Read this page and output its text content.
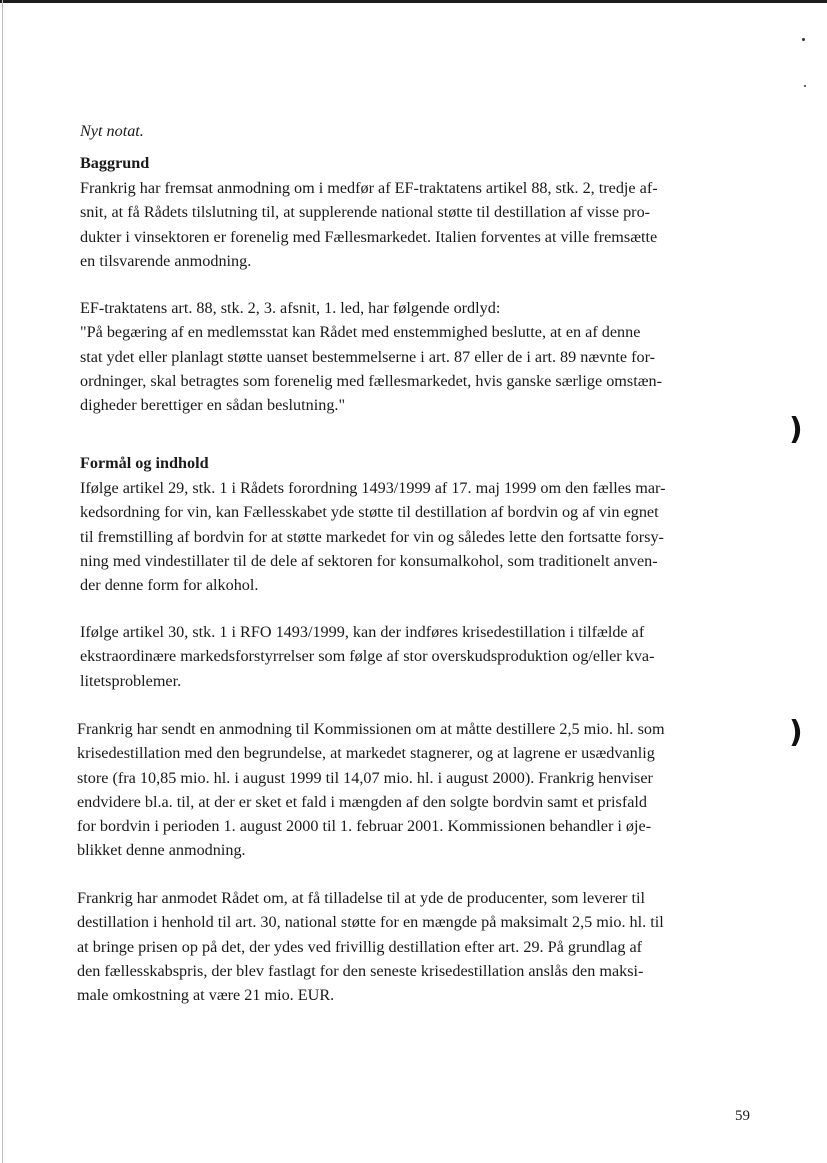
Nyt notat.

Baggrund

Frankrig har fremsat anmodning om i medfør af EF-traktatens artikel 88, stk. 2, tredje af-
snit, at få Rådets tilslutning til, at supplerende national støtte til destillation af visse pro-
dukter i vinsektoren er forenelig med Fællesmarkedet. Italien forventes at ville fremsætte
en tilsvarende anmodning.

EF-traktatens art. 88, stk. 2, 3. afsnit, 1. led, har følgende ordlyd:
"På begæring af en medlemsstat kan Rådet med enstemmighed beslutte, at en af denne
stat ydet eller planlagt støtte uanset bestemmelserne i art. 87 eller de i art. 89 nævnte for-
ordninger, skal betragtes som forenelig med fællesmarkedet, hvis ganske særlige omstæn-
digheder berettiger en sådan beslutning."

Formål og indhold

Ifølge artikel 29, stk. 1 i Rådets forordning 1493/1999 af 17. maj 1999 om den fælles mar-
kedsordning for vin, kan Fællesskabet yde støtte til destillation af bordvin og af vin egnet
til fremstilling af bordvin for at støtte markedet for vin og således lette den fortsatte forsy-
ning med vindestillater til de dele af sektoren for konsumalkohol, som traditionelt anven-
der denne form for alkohol.

Ifølge artikel 30, stk. 1 i RFO 1493/1999, kan der indføres krisedestillation i tilfælde af
ekstraordinære markedsforstyrrelser som følge af stor overskudsproduktion og/eller kva-
litetsproblemer.

Frankrig har sendt en anmodning til Kommissionen om at måtte destillere 2,5 mio. hl. som
krisedestillation med den begrundelse, at markedet stagnerer, og at lagrene er usædvanlig
store (fra 10,85 mio. hl. i august 1999 til 14,07 mio. hl. i august 2000). Frankrig henviser
endvidere bl.a. til, at der er sket et fald i mængden af den solgte bordvin samt et prisfald
for bordvin i perioden 1. august 2000 til 1. februar 2001. Kommissionen behandler i øje-
blikket denne anmodning.

Frankrig har anmodet Rådet om, at få tilladelse til at yde de producenter, som leverer til
destillation i henhold til art. 30, national støtte for en mængde på maksimalt 2,5 mio. hl. til
at bringe prisen op på det, der ydes ved frivillig destillation efter art. 29. På grundlag af
den fællesskabspris, der blev fastlagt for den seneste krisedestillation anslås den maksi-
male omkostning at være 21 mio. EUR.

)
)
59
